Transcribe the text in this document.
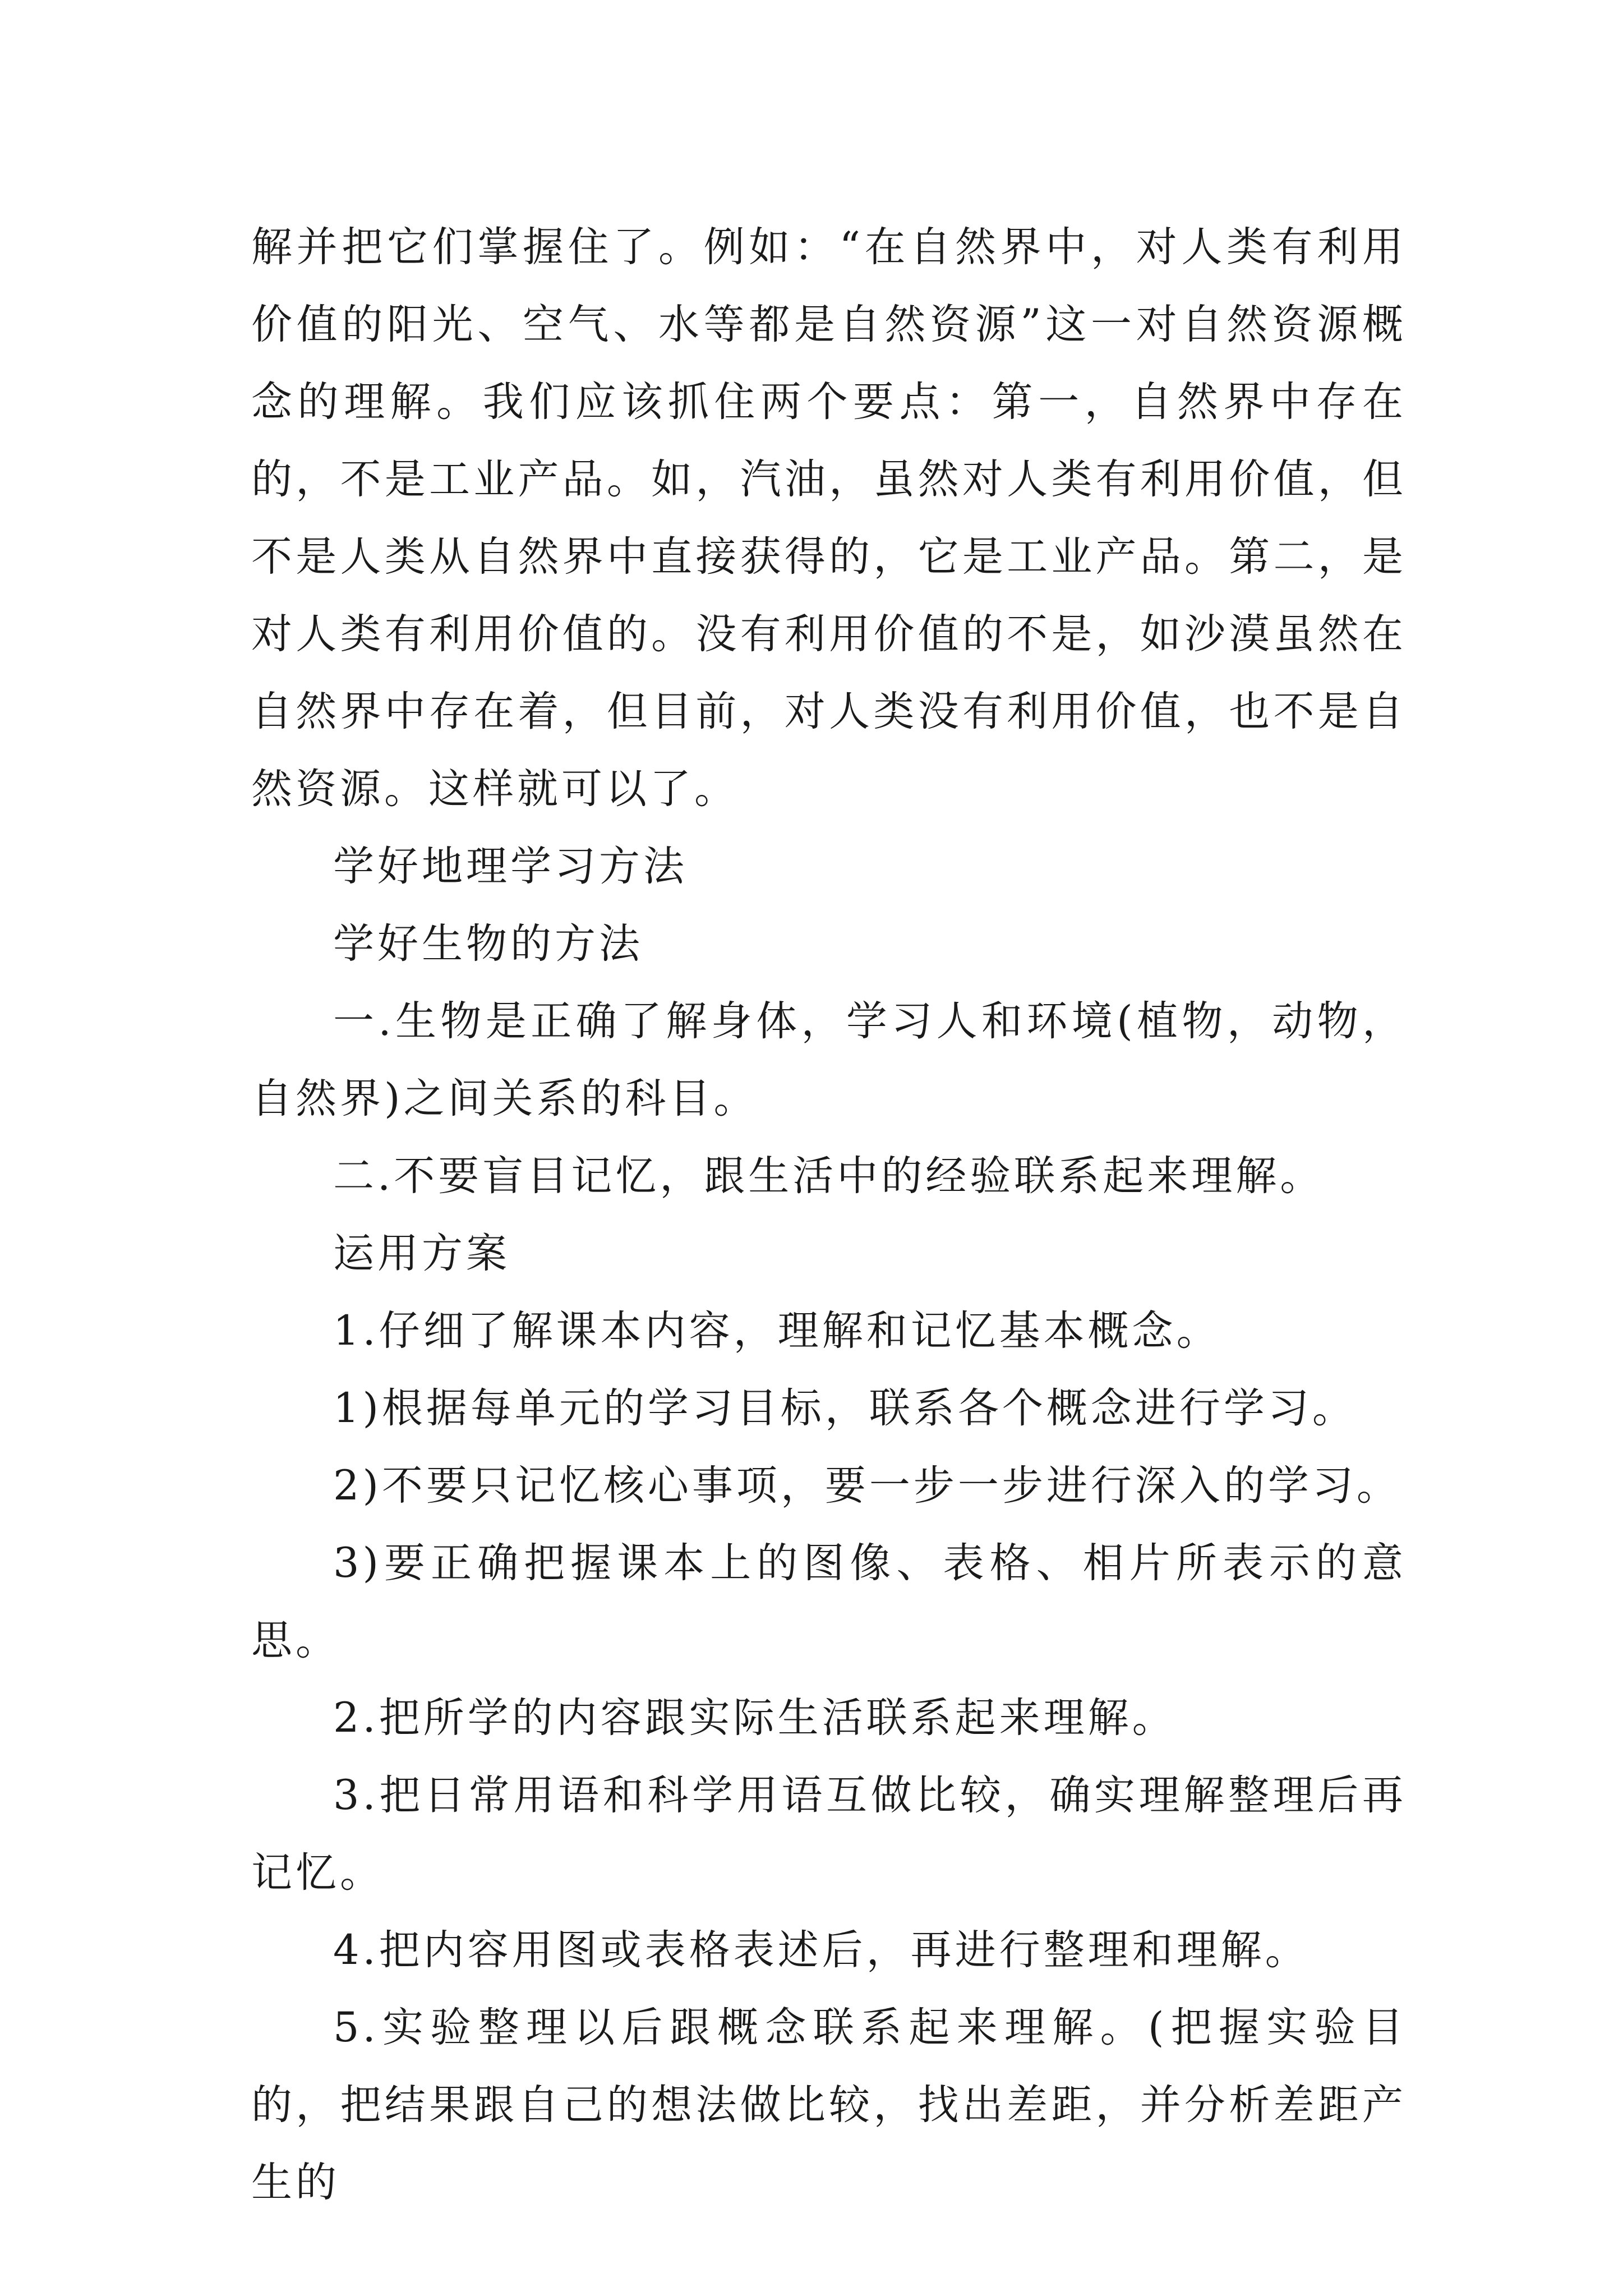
解并把它们掌握住了。例如：“在自然界中，对人类有利用价值的阳光、空气、水等都是自然资源”这一对自然资源概念的理解。我们应该抓住两个要点：第一，自然界中存在的，不是工业产品。如，汽油，虽然对人类有利用价值，但不是人类从自然界中直接获得的，它是工业产品。第二，是对人类有利用价值的。没有利用价值的不是，如沙漠虽然在自然界中存在着，但目前，对人类没有利用价值，也不是自然资源。这样就可以了。

学好地理学习方法

学好生物的方法

一.生物是正确了解身体，学习人和环境(植物，动物，自然界)之间关系的科目。

二.不要盲目记忆，跟生活中的经验联系起来理解。

运用方案

1.仔细了解课本内容，理解和记忆基本概念。

1)根据每单元的学习目标，联系各个概念进行学习。

2)不要只记忆核心事项，要一步一步进行深入的学习。

3)要正确把握课本上的图像、表格、相片所表示的意思。

2.把所学的内容跟实际生活联系起来理解。

3.把日常用语和科学用语互做比较，确实理解整理后再记忆。

4.把内容用图或表格表述后，再进行整理和理解。

5.实验整理以后跟概念联系起来理解。(把握实验目的，把结果跟自己的想法做比较，找出差距，并分析差距产生的
